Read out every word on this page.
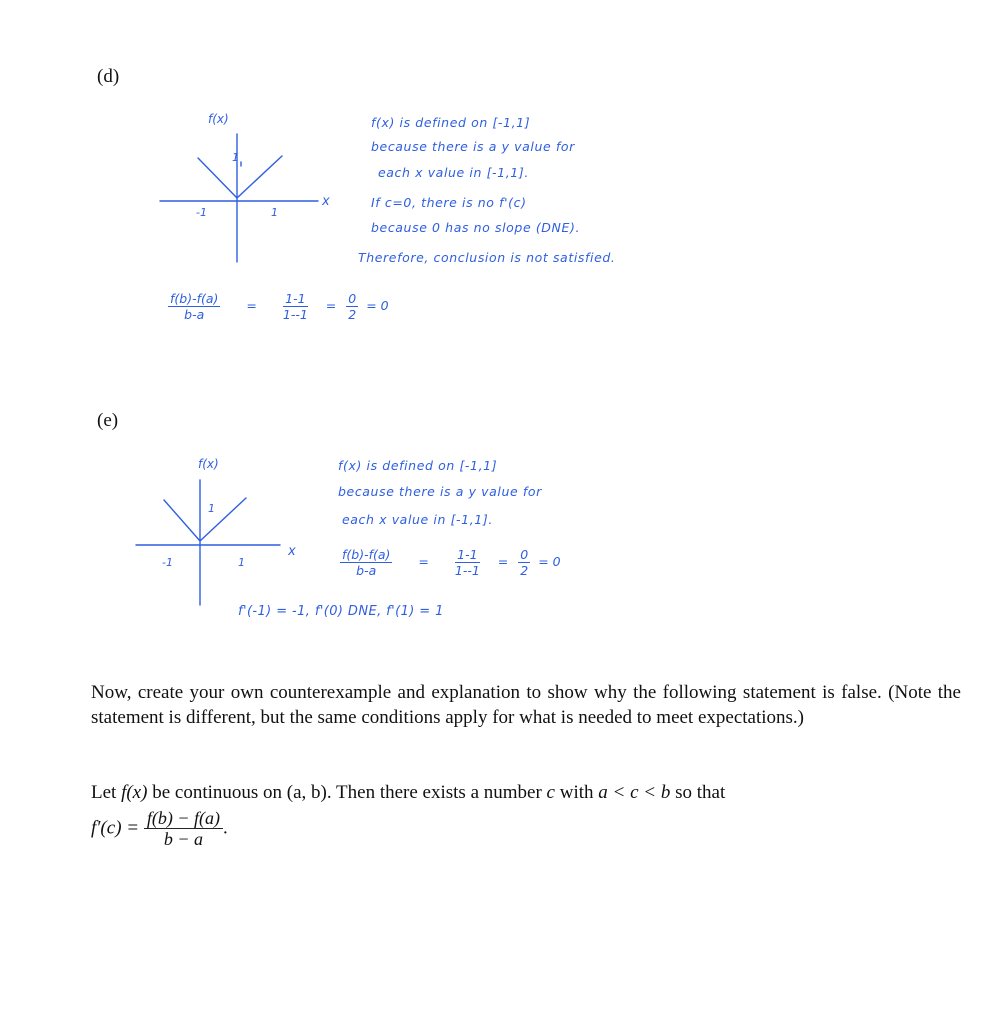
(d)
f(x)
x
1
-1	1
f(x) is defined on [-1,1]
because there is a y value for
each x value in [-1,1].
If c=0, there is no f'(c)
because 0 has no slope (DNE).
Therefore, conclusion is not satisfied.
$\frac{f(b)-f(a)}{b-a} = \frac{1-1}{1--1} = \frac{0}{2} = 0$
(e)
f(x)
x
1
-1	1
f(x) is defined on [-1,1]
because there is a y value for
each x value in [-1,1].
$\frac{f(b)-f(a)}{b-a} = \frac{1-1}{1--1} = \frac{0}{2} = 0$
f'(-1) = -1, f'(0) DNE, f'(1) = 1
Now, create your own counterexample and explanation to show why the following statement is false. (Note the statement is different, but the same conditions apply for what is needed to meet expectations.)
Let f(x) be continuous on (a, b). Then there exists a number c with a < c < b so that
$f'(c) = \frac{f(b) - f(a)}{b - a}$ .
